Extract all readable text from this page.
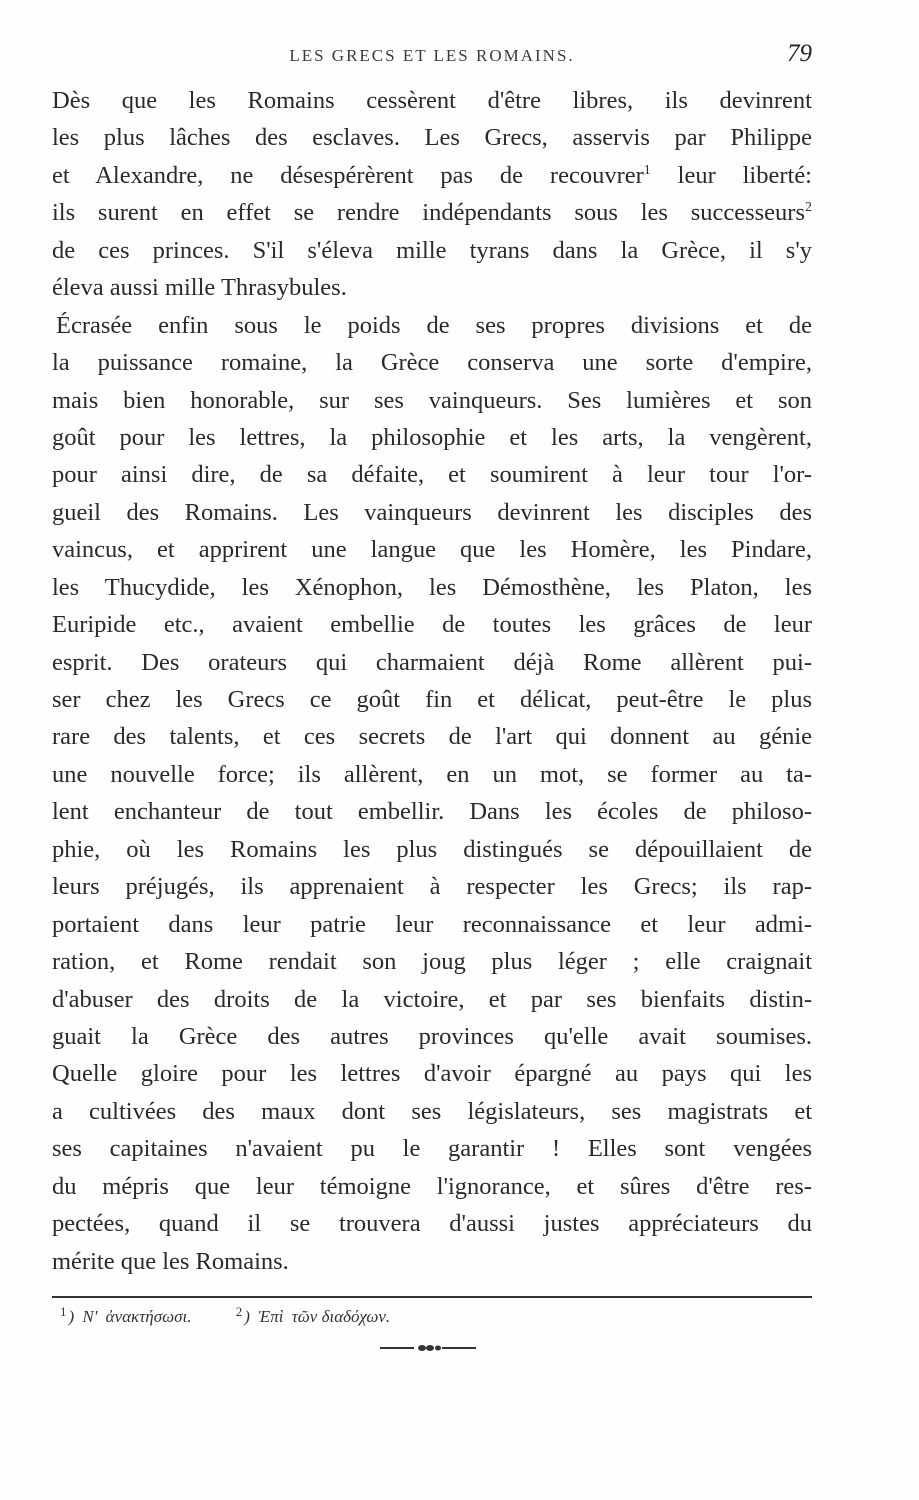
LES GRECS ET LES ROMAINS.	79
Dès que les Romains cessèrent d'être libres, ils devinrent
les plus lâches des esclaves. Les Grecs, asservis par Philippe
et Alexandre, ne désespérèrent pas de recouvrer$^1$ leur liberté:
ils surent en effet se rendre indépendants sous les successeurs$^2$
de ces princes. S'il s'éleva mille tyrans dans la Grèce, il s'y
éleva aussi mille Thrasybules.
Écrasée enfin sous le poids de ses propres divisions et de
la puissance romaine, la Grèce conserva une sorte d'empire,
mais bien honorable, sur ses vainqueurs. Ses lumières et son
goût pour les lettres, la philosophie et les arts, la vengèrent,
pour ainsi dire, de sa défaite, et soumirent à leur tour l'or-
gueil des Romains. Les vainqueurs devinrent les disciples des
vaincus, et apprirent une langue que les Homère, les Pindare,
les Thucydide, les Xénophon, les Démosthène, les Platon, les
Euripide etc., avaient embellie de toutes les grâces de leur
esprit. Des orateurs qui charmaient déjà Rome allèrent pui-
ser chez les Grecs ce goût fin et délicat, peut-être le plus
rare des talents, et ces secrets de l'art qui donnent au génie
une nouvelle force; ils allèrent, en un mot, se former au ta-
lent enchanteur de tout embellir. Dans les écoles de philoso-
phie, où les Romains les plus distingués se dépouillaient de
leurs préjugés, ils apprenaient à respecter les Grecs; ils rap-
portaient dans leur patrie leur reconnaissance et leur admi-
ration, et Rome rendait son joug plus léger ; elle craignait
d'abuser des droits de la victoire, et par ses bienfaits distin-
guait la Grèce des autres provinces qu'elle avait soumises.
Quelle gloire pour les lettres d'avoir épargné au pays qui les
a cultivées des maux dont ses législateurs, ses magistrats et
ses capitaines n'avaient pu le garantir ! Elles sont vengées
du mépris que leur témoigne l'ignorance, et sûres d'être res-
pectées, quand il se trouvera d'aussi justes appréciateurs du
mérite que les Romains.
$^1$ ) N' ἀνακτήσωσι.	$^2$ ) Ἐπὶ τῶν διαδόχων.
